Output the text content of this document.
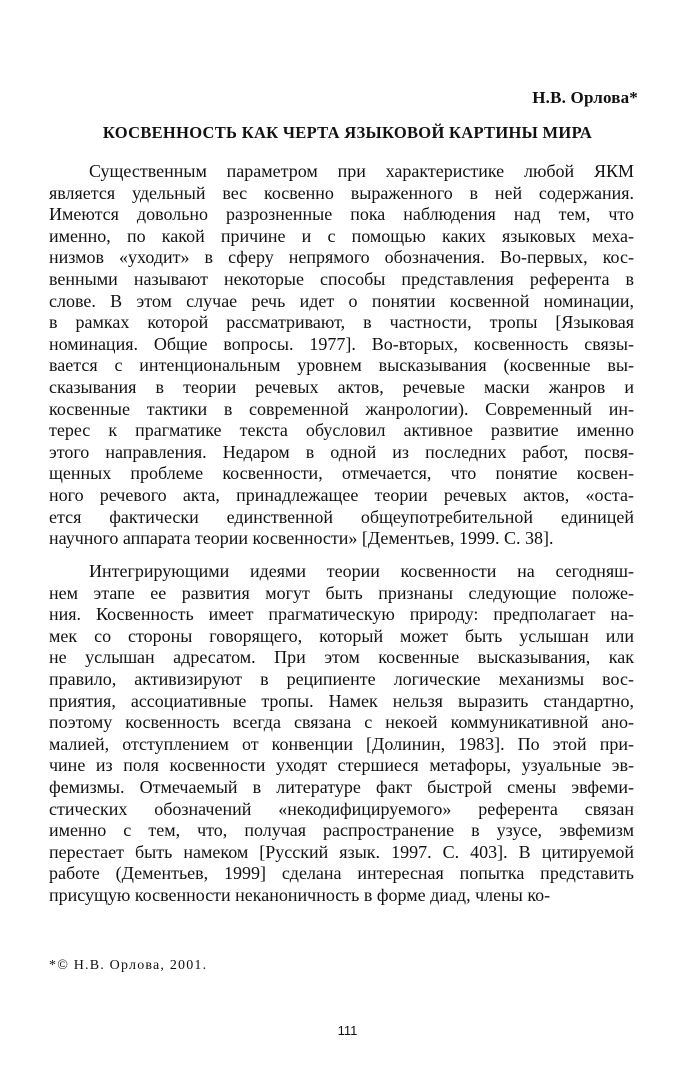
Н.В. Орлова*
КОСВЕННОСТЬ КАК ЧЕРТА ЯЗЫКОВОЙ КАРТИНЫ МИРА
Существенным параметром при характеристике любой ЯКМ
является удельный вес косвенно выраженного в ней содержания.
Имеются довольно разрозненные пока наблюдения над тем, что
именно, по какой причине и с помощью каких языковых меха-
низмов «уходит» в сферу непрямого обозначения. Во-первых, кос-
венными называют некоторые способы представления референта в
слове. В этом случае речь идет о понятии косвенной номинации,
в рамках которой рассматривают, в частности, тропы [Языковая
номинация. Общие вопросы. 1977]. Во-вторых, косвенность связы-
вается с интенциональным уровнем высказывания (косвенные вы-
сказывания в теории речевых актов, речевые маски жанров и
косвенные тактики в современной жанрологии). Современный ин-
терес к прагматике текста обусловил активное развитие именно
этого направления. Недаром в одной из последних работ, посвя-
щенных проблеме косвенности, отмечается, что понятие косвен-
ного речевого акта, принадлежащее теории речевых актов, «оста-
ется фактически единственной общеупотребительной единицей
научного аппарата теории косвенности» [Дементьев, 1999. С. 38].
Интегрирующими идеями теории косвенности на сегодняш-
нем этапе ее развития могут быть признаны следующие положе-
ния. Косвенность имеет прагматическую природу: предполагает на-
мек со стороны говорящего, который может быть услышан или
не услышан адресатом. При этом косвенные высказывания, как
правило, активизируют в реципиенте логические механизмы вос-
приятия, ассоциативные тропы. Намек нельзя выразить стандартно,
поэтому косвенность всегда связана с некоей коммуникативной ано-
малией, отступлением от конвенции [Долинин, 1983]. По этой при-
чине из поля косвенности уходят стершиеся метафоры, узуальные эв-
фемизмы. Отмечаемый в литературе факт быстрой смены эвфеми-
стических обозначений «некодифицируемого» референта связан
именно с тем, что, получая распространение в узусе, эвфемизм
перестает быть намеком [Русский язык. 1997. С. 403]. В цитируемой
работе (Дементьев, 1999] сделана интересная попытка представить
присущую косвенности неканоничность в форме диад, члены ко-
*© Н.В. Орлова, 2001.
111
